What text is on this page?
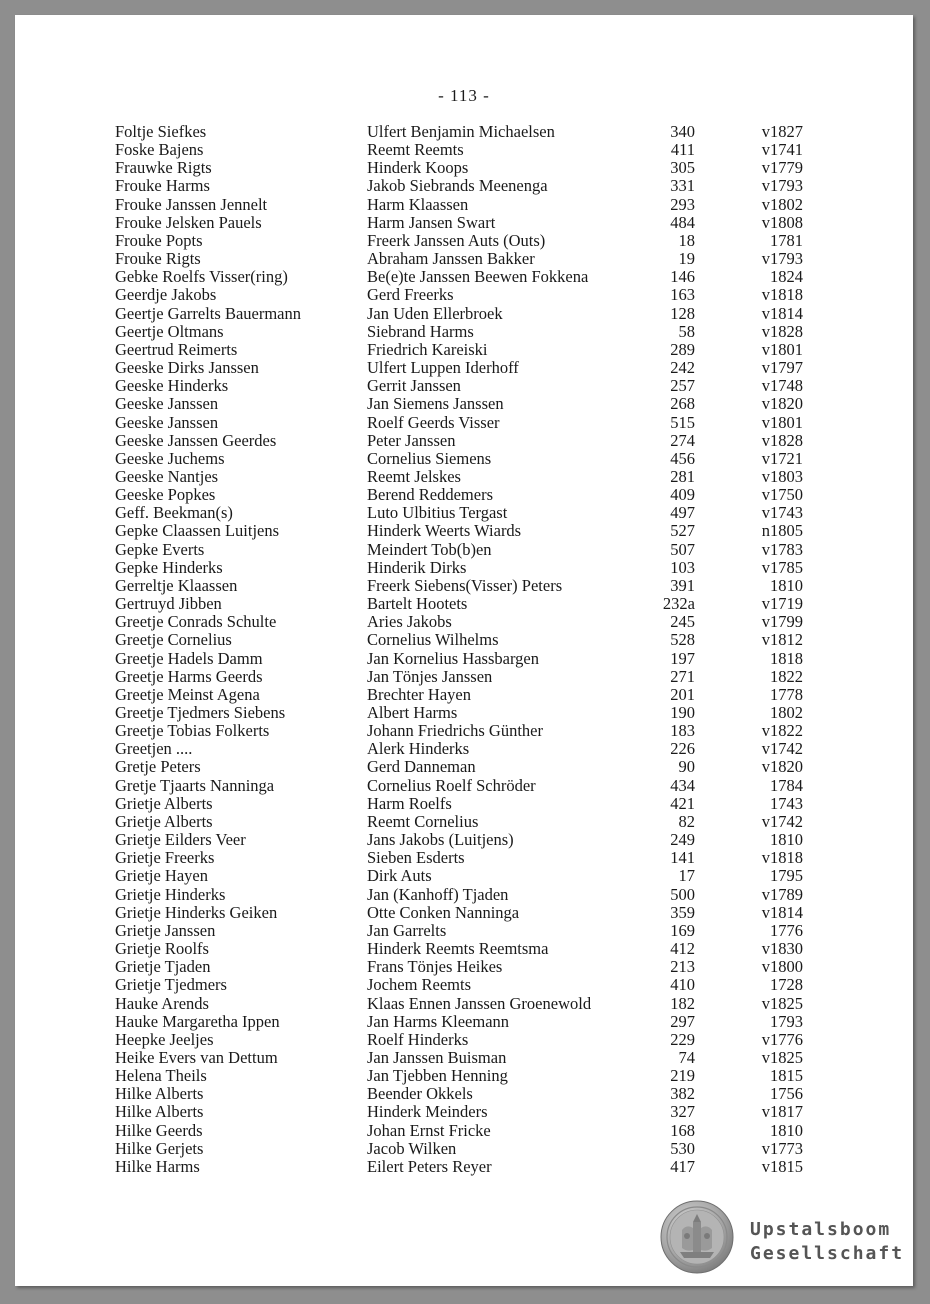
- 113 -
Foltje Siefkes	Ulfert Benjamin Michaelsen	340	v1827
Foske Bajens	Reemt Reemts	411	v1741
Frauwke Rigts	Hinderk Koops	305	v1779
Frouke Harms	Jakob Siebrands Meenenga	331	v1793
Frouke Janssen Jennelt	Harm Klaassen	293	v1802
Frouke Jelsken Pauels	Harm Jansen Swart	484	v1808
Frouke Popts	Freerk Janssen Auts (Outs)	18	1781
Frouke Rigts	Abraham Janssen Bakker	19	v1793
Gebke Roelfs Visser(ring)	Be(e)te Janssen Beewen Fokkena	146	1824
Geerdje Jakobs	Gerd Freerks	163	v1818
Geertje Garrelts Bauermann	Jan Uden Ellerbroek	128	v1814
Geertje Oltmans	Siebrand Harms	58	v1828
Geertrud Reimerts	Friedrich Kareiski	289	v1801
Geeske Dirks Janssen	Ulfert Luppen Iderhoff	242	v1797
Geeske Hinderks	Gerrit Janssen	257	v1748
Geeske Janssen	Jan Siemens Janssen	268	v1820
Geeske Janssen	Roelf Geerds Visser	515	v1801
Geeske Janssen Geerdes	Peter Janssen	274	v1828
Geeske Juchems	Cornelius Siemens	456	v1721
Geeske Nantjes	Reemt Jelskes	281	v1803
Geeske Popkes	Berend Reddemers	409	v1750
Geff. Beekman(s)	Luto Ulbitius Tergast	497	v1743
Gepke Claassen Luitjens	Hinderk Weerts Wiards	527	n1805
Gepke Everts	Meindert Tob(b)en	507	v1783
Gepke Hinderks	Hinderik Dirks	103	v1785
Gerreltje Klaassen	Freerk Siebens(Visser) Peters	391	1810
Gertruyd Jibben	Bartelt Hootets	232a	v1719
Greetje Conrads Schulte	Aries Jakobs	245	v1799
Greetje Cornelius	Cornelius Wilhelms	528	v1812
Greetje Hadels Damm	Jan Kornelius Hassbargen	197	1818
Greetje Harms Geerds	Jan Tönjes Janssen	271	1822
Greetje Meinst Agena	Brechter Hayen	201	1778
Greetje Tjedmers Siebens	Albert Harms	190	1802
Greetje Tobias Folkerts	Johann Friedrichs Günther	183	v1822
Greetjen ....	Alerk Hinderks	226	v1742
Gretje Peters	Gerd Danneman	90	v1820
Gretje Tjaarts Nanninga	Cornelius Roelf Schröder	434	1784
Grietje Alberts	Harm Roelfs	421	1743
Grietje Alberts	Reemt Cornelius	82	v1742
Grietje Eilders Veer	Jans Jakobs (Luitjens)	249	1810
Grietje Freerks	Sieben Esderts	141	v1818
Grietje Hayen	Dirk Auts	17	1795
Grietje Hinderks	Jan (Kanhoff) Tjaden	500	v1789
Grietje Hinderks Geiken	Otte Conken Nanninga	359	v1814
Grietje Janssen	Jan Garrelts	169	1776
Grietje Roolfs	Hinderk Reemts Reemtsma	412	v1830
Grietje Tjaden	Frans Tönjes Heikes	213	v1800
Grietje Tjedmers	Jochem Reemts	410	1728
Hauke Arends	Klaas Ennen Janssen Groenewold	182	v1825
Hauke Margaretha Ippen	Jan Harms Kleemann	297	1793
Heepke Jeeljes	Roelf Hinderks	229	v1776
Heike Evers van Dettum	Jan Janssen Buisman	74	v1825
Helena Theils	Jan Tjebben Henning	219	1815
Hilke Alberts	Beender Okkels	382	1756
Hilke Alberts	Hinderk Meinders	327	v1817
Hilke Geerds	Johan Ernst Fricke	168	1810
Hilke Gerjets	Jacob Wilken	530	v1773
Hilke Harms	Eilert Peters Reyer	417	v1815
Upstalsboom
Gesellschaft
